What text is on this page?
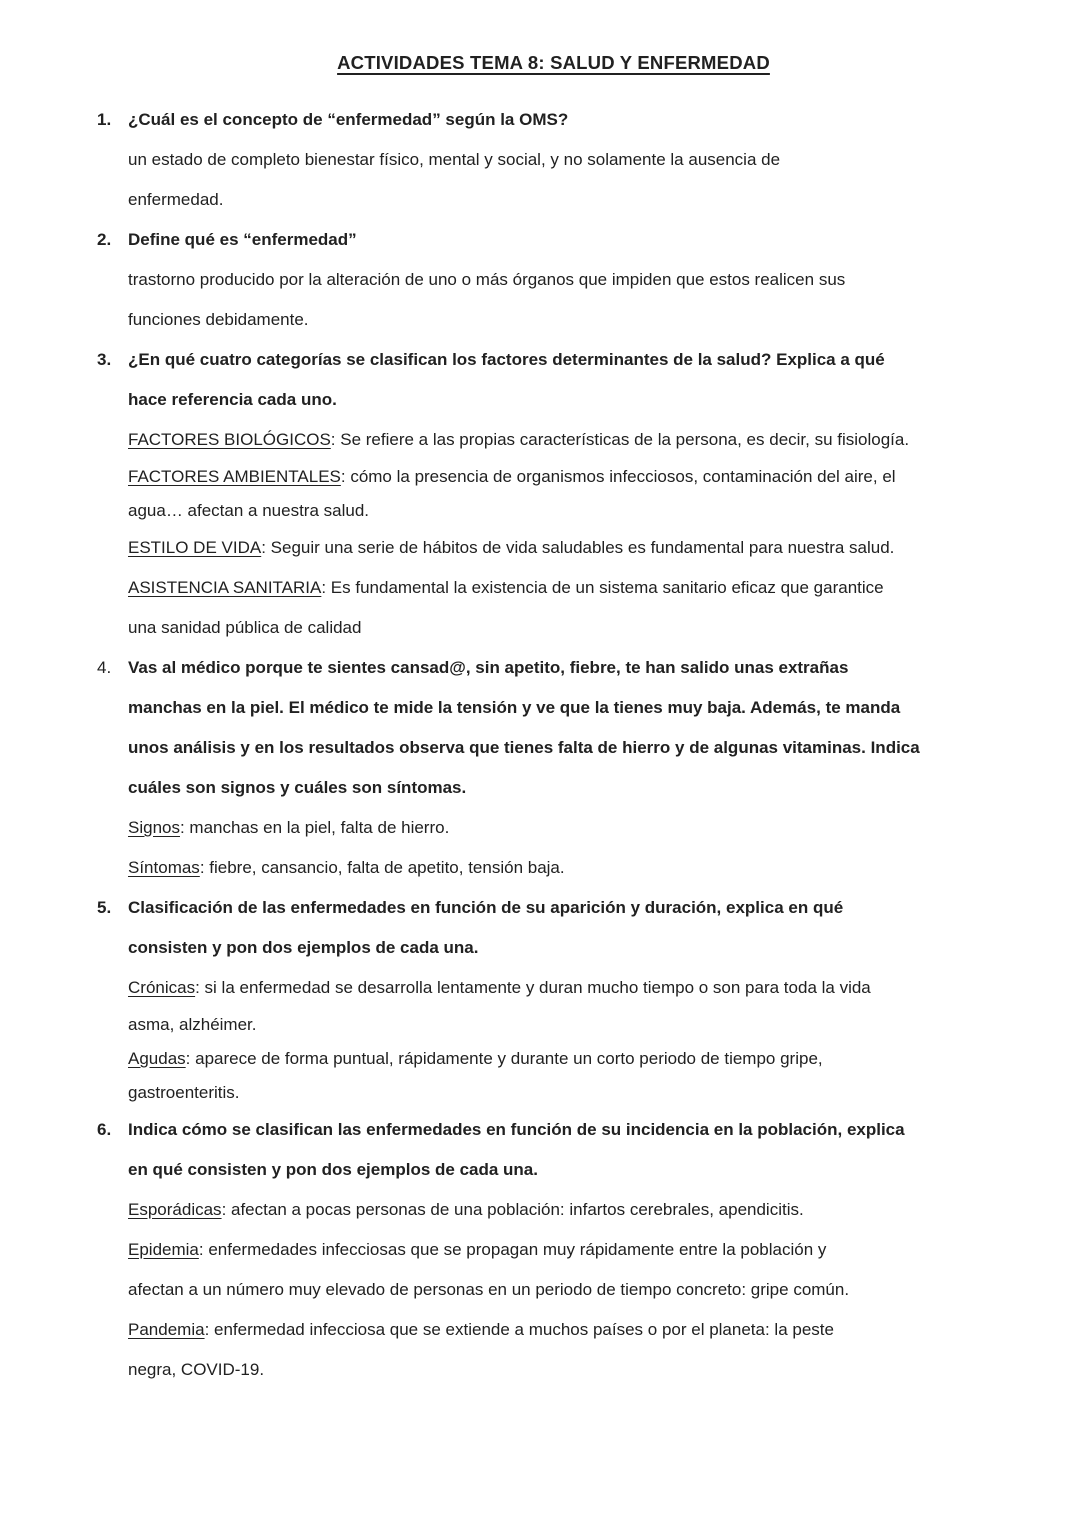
ACTIVIDADES TEMA 8: SALUD Y ENFERMEDAD
1. ¿Cuál es el concepto de “enfermedad” según la OMS?
un estado de completo bienestar físico, mental y social, y no solamente la ausencia de
enfermedad.
2. Define qué es “enfermedad”
trastorno producido por la alteración de uno o más órganos que impiden que estos realicen sus
funciones debidamente.
3. ¿En qué cuatro categorías se clasifican los factores determinantes de la salud? Explica a qué
hace referencia cada uno.
FACTORES BIOLÓGICOS: Se refiere a las propias características de la persona, es decir, su fisiología.
FACTORES AMBIENTALES: cómo la presencia de organismos infecciosos, contaminación del aire, el
agua… afectan a nuestra salud.
ESTILO DE VIDA: Seguir una serie de hábitos de vida saludables es fundamental para nuestra salud.
ASISTENCIA SANITARIA: Es fundamental la existencia de un sistema sanitario eficaz que garantice
una sanidad pública de calidad
4. Vas al médico porque te sientes cansad@, sin apetito, fiebre, te han salido unas extrañas
manchas en la piel. El médico te mide la tensión y ve que la tienes muy baja. Además, te manda
unos análisis y en los resultados observa que tienes falta de hierro y de algunas vitaminas. Indica
cuáles son signos y cuáles son síntomas.
Signos: manchas en la piel, falta de hierro.
Síntomas: fiebre, cansancio, falta de apetito, tensión baja.
5. Clasificación de las enfermedades en función de su aparición y duración, explica en qué
consisten y pon dos ejemplos de cada una.
Crónicas: si la enfermedad se desarrolla lentamente y duran mucho tiempo o son para toda la vida
asma, alzhéimer.
Agudas: aparece de forma puntual, rápidamente y durante un corto periodo de tiempo gripe,
gastroenteritis.
6. Indica cómo se clasifican las enfermedades en función de su incidencia en la población, explica
en qué consisten y pon dos ejemplos de cada una.
Esporádicas: afectan a pocas personas de una población: infartos cerebrales, apendicitis.
Epidemia: enfermedades infecciosas que se propagan muy rápidamente entre la población y
afectan a un número muy elevado de personas en un periodo de tiempo concreto: gripe común.
Pandemia: enfermedad infecciosa que se extiende a muchos países o por el planeta: la peste
negra, COVID-19.
